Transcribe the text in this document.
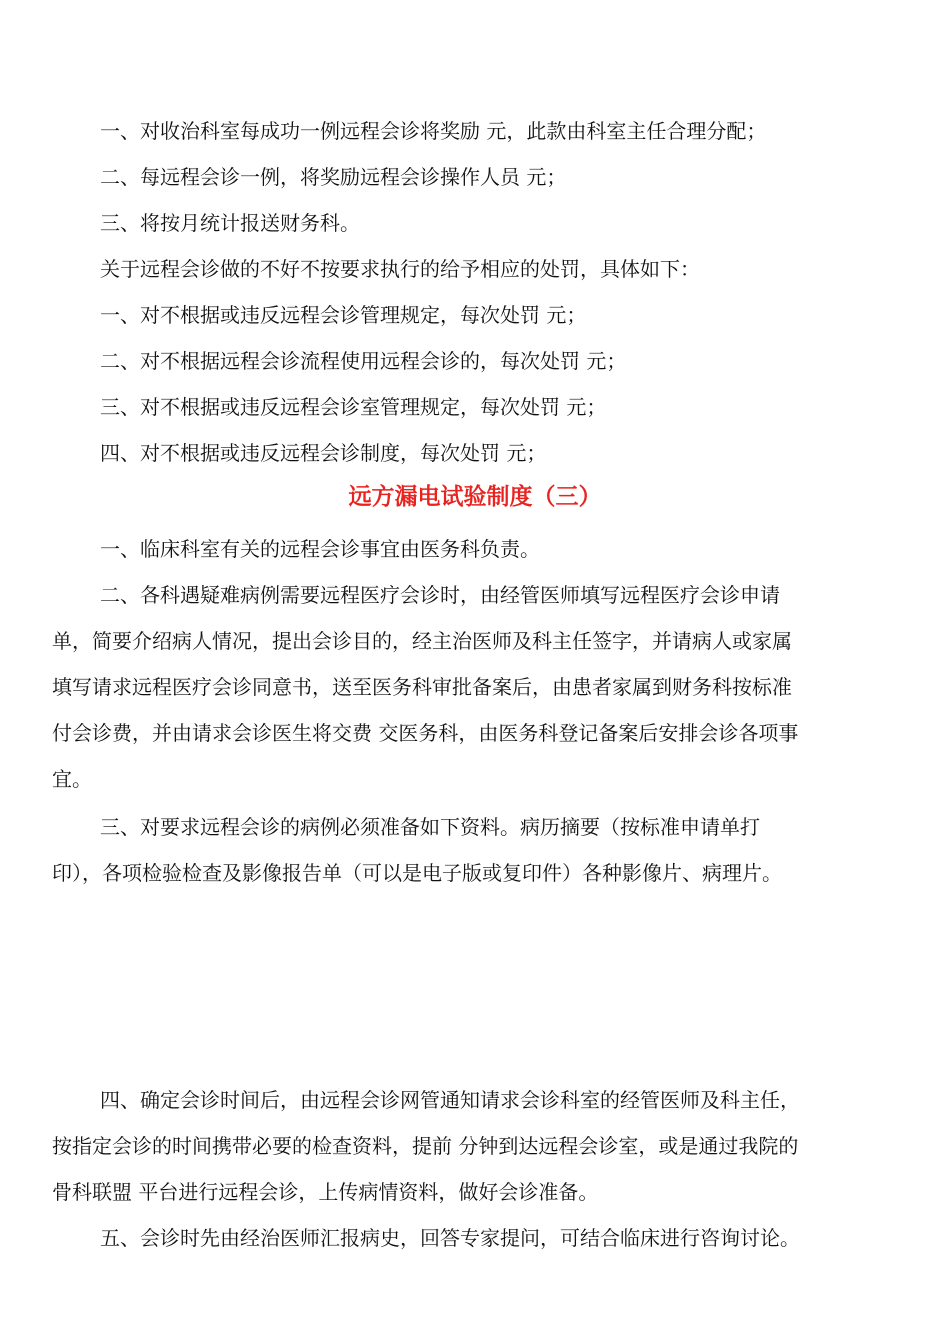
一、对收治科室每成功一例远程会诊将奖励 元，此款由科室主任合理分配；

二、每远程会诊一例，将奖励远程会诊操作人员 元；

三、将按月统计报送财务科。

关于远程会诊做的不好不按要求执行的给予相应的处罚，具体如下：

一、对不根据或违反远程会诊管理规定，每次处罚 元；

二、对不根据远程会诊流程使用远程会诊的，每次处罚 元；

三、对不根据或违反远程会诊室管理规定，每次处罚 元；

四、对不根据或违反远程会诊制度，每次处罚 元；

远方漏电试验制度（三）

一、临床科室有关的远程会诊事宜由医务科负责。

二、各科遇疑难病例需要远程医疗会诊时，由经管医师填写远程医疗会诊申请

单，简要介绍病人情况，提出会诊目的，经主治医师及科主任签字，并请病人或家属

填写请求远程医疗会诊同意书，送至医务科审批备案后，由患者家属到财务科按标准

付会诊费，并由请求会诊医生将交费 交医务科，由医务科登记备案后安排会诊各项事

宜。

三、对要求远程会诊的病例必须准备如下资料。病历摘要（按标准申请单打

印），各项检验检查及影像报告单（可以是电子版或复印件）各种影像片、病理片。

四、确定会诊时间后，由远程会诊网管通知请求会诊科室的经管医师及科主任，

按指定会诊的时间携带必要的检查资料，提前 分钟到达远程会诊室，或是通过我院的

骨科联盟 平台进行远程会诊，上传病情资料，做好会诊准备。

五、会诊时先由经治医师汇报病史，回答专家提问，可结合临床进行咨询讨论。
